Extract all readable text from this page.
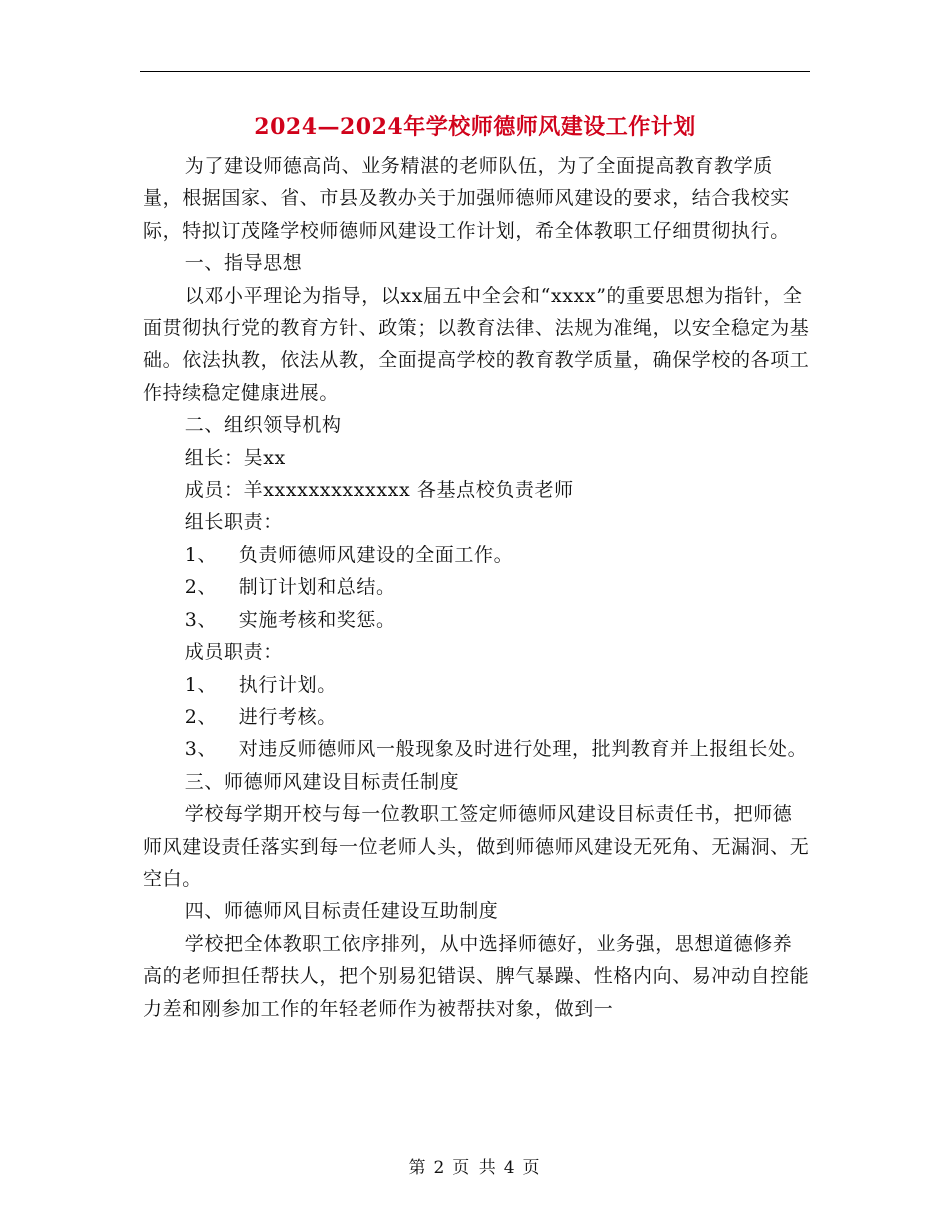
2024—2024年学校师德师风建设工作计划

为了建设师德高尚、业务精湛的老师队伍，为了全面提高教育教学质量，根据国家、省、市县及教办关于加强师德师风建设的要求，结合我校实际，特拟订茂隆学校师德师风建设工作计划，希全体教职工仔细贯彻执行。

一、指导思想

以邓小平理论为指导，以xx届五中全会和“xxxx”的重要思想为指针，全面贯彻执行党的教育方针、政策；以教育法律、法规为准绳，以安全稳定为基础。依法执教，依法从教，全面提高学校的教育教学质量，确保学校的各项工作持续稳定健康进展。

二、组织领导机构

组长：吴xx

成员：羊xxxxxxxxxxxxx 各基点校负责老师

组长职责：

1、 负责师德师风建设的全面工作。

2、 制订计划和总结。

3、 实施考核和奖惩。

成员职责：

1、 执行计划。

2、 进行考核。

3、 对违反师德师风一般现象及时进行处理，批判教育并上报组长处。

三、师德师风建设目标责任制度

学校每学期开校与每一位教职工签定师德师风建设目标责任书，把师德师风建设责任落实到每一位老师人头，做到师德师风建设无死角、无漏洞、无空白。

四、师德师风目标责任建设互助制度

学校把全体教职工依序排列，从中选择师德好，业务强，思想道德修养高的老师担任帮扶人，把个别易犯错误、脾气暴躁、性格内向、易冲动自控能力差和刚参加工作的年轻老师作为被帮扶对象，做到一

第 2 页 共 4 页
